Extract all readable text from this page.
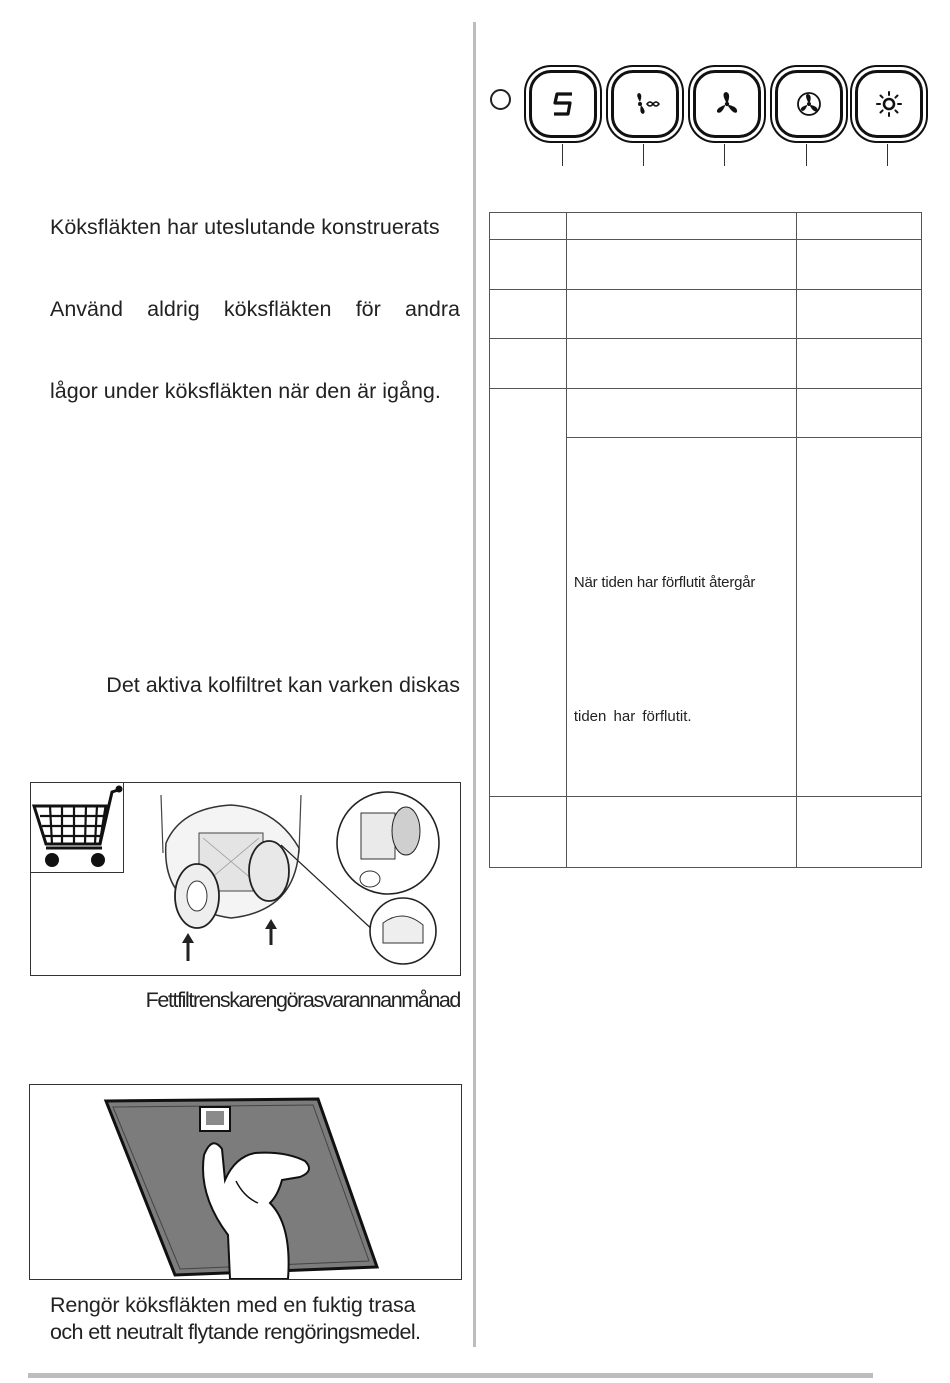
Köksfläkten har uteslutande konstruerats
Använd aldrig köksfläkten för andra
lågor under köksfläkten när den är igång.
Det aktiva kolfiltret kan varken diskas
Fettfiltrenskarengörasvarannanmånad
Rengör köksfläkten med en fuktig trasa
och ett neutralt flytande rengöringsmedel.

	När tiden har förflutit återgår
tiden har förflutit.	
